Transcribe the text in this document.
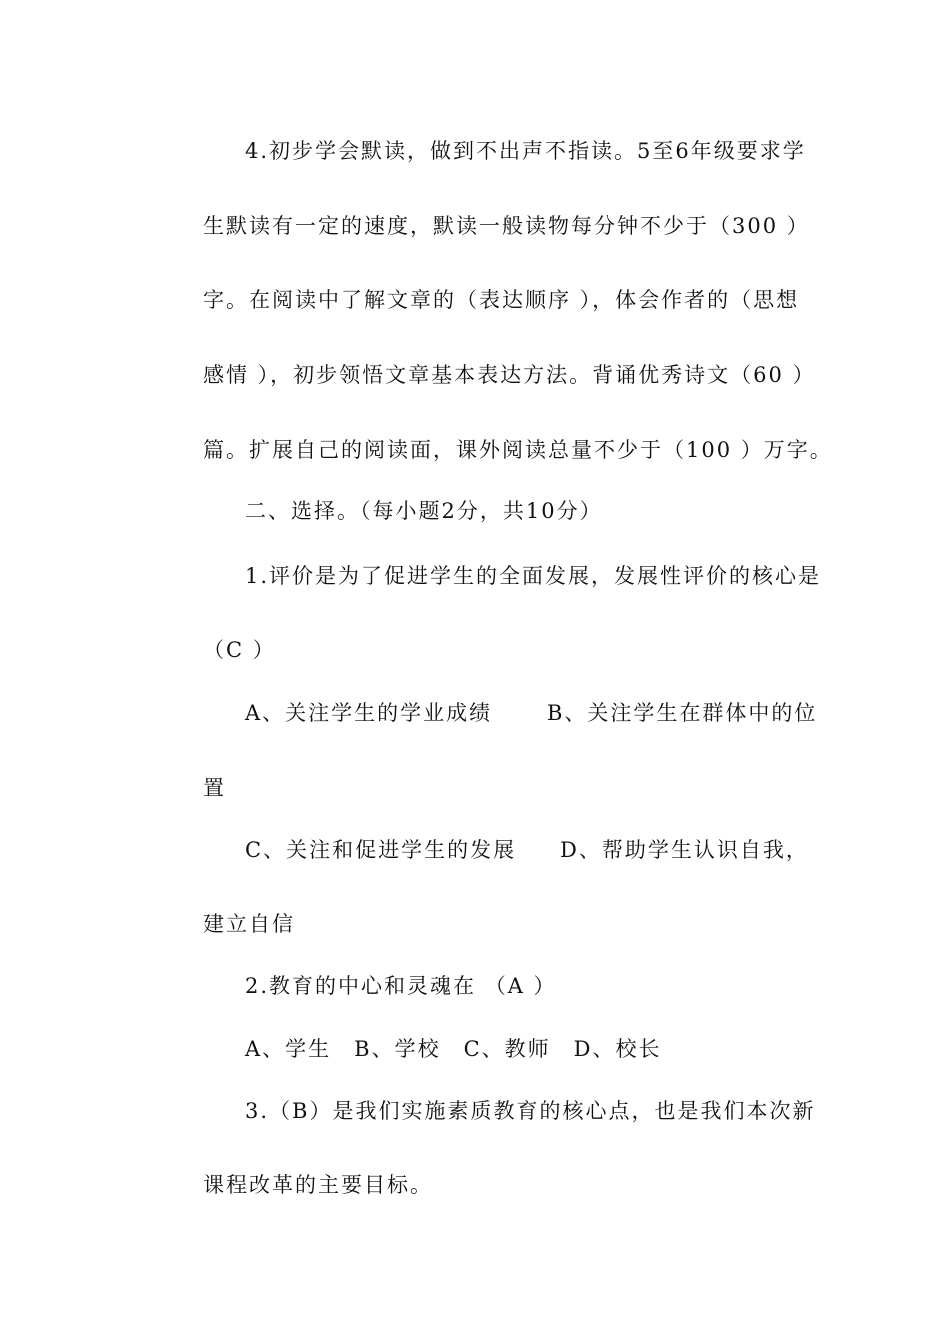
4.初步学会默读，做到不出声不指读。5至6年级要求学
生默读有一定的速度，默读一般读物每分钟不少于（300 ）
字。在阅读中了解文章的（表达顺序 ），体会作者的（思想
感情 ），初步领悟文章基本表达方法。背诵优秀诗文（60 ）
篇。扩展自己的阅读面，课外阅读总量不少于（100 ）万字。
二、选择。（每小题2分，共10分）
1.评价是为了促进学生的全面发展，发展性评价的核心是
（C ）
A、关注学生的学业成绩	B、关注学生在群体中的位
置
C、关注和促进学生的发展 D、帮助学生认识自我，
建立自信
2.教育的中心和灵魂在 （A ）
A、学生　B、学校　C、教师　D、校长
3.（B）是我们实施素质教育的核心点，也是我们本次新
课程改革的主要目标。
